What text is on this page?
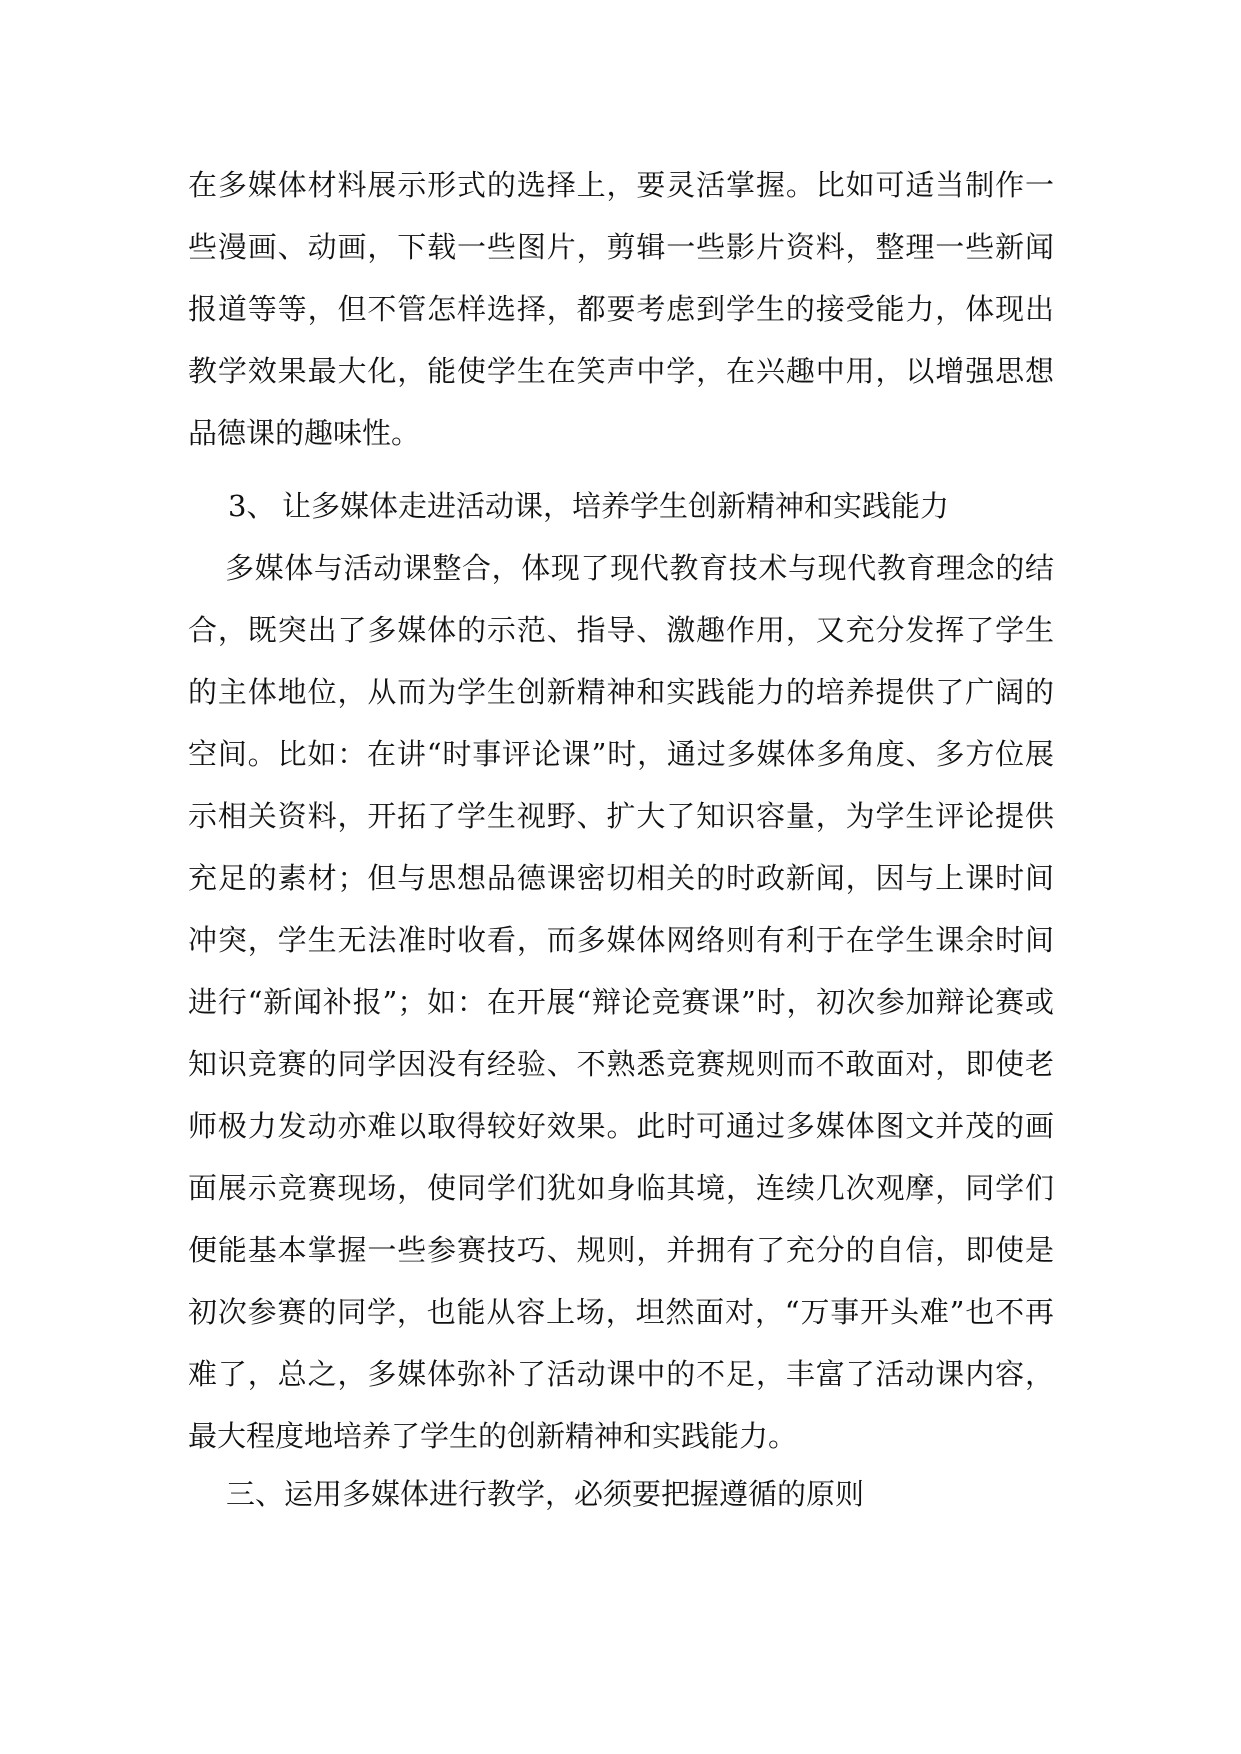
在多媒体材料展示形式的选择上，要灵活掌握。比如可适当制作一些漫画、动画，下载一些图片，剪辑一些影片资料，整理一些新闻报道等等，但不管怎样选择，都要考虑到学生的接受能力，体现出教学效果最大化，能使学生在笑声中学，在兴趣中用，以增强思想品德课的趣味性。

3、 让多媒体走进活动课，培养学生创新精神和实践能力

多媒体与活动课整合，体现了现代教育技术与现代教育理念的结合，既突出了多媒体的示范、指导、激趣作用，又充分发挥了学生的主体地位，从而为学生创新精神和实践能力的培养提供了广阔的空间。比如：在讲“时事评论课”时，通过多媒体多角度、多方位展示相关资料，开拓了学生视野、扩大了知识容量，为学生评论提供充足的素材；但与思想品德课密切相关的时政新闻，因与上课时间冲突，学生无法准时收看，而多媒体网络则有利于在学生课余时间进行“新闻补报”；如：在开展“辩论竞赛课”时，初次参加辩论赛或知识竞赛的同学因没有经验、不熟悉竞赛规则而不敢面对，即使老师极力发动亦难以取得较好效果。此时可通过多媒体图文并茂的画面展示竞赛现场，使同学们犹如身临其境，连续几次观摩，同学们便能基本掌握一些参赛技巧、规则，并拥有了充分的自信，即使是初次参赛的同学，也能从容上场，坦然面对，“万事开头难”也不再难了，总之，多媒体弥补了活动课中的不足，丰富了活动课内容，最大程度地培养了学生的创新精神和实践能力。

三、运用多媒体进行教学，必须要把握遵循的原则
